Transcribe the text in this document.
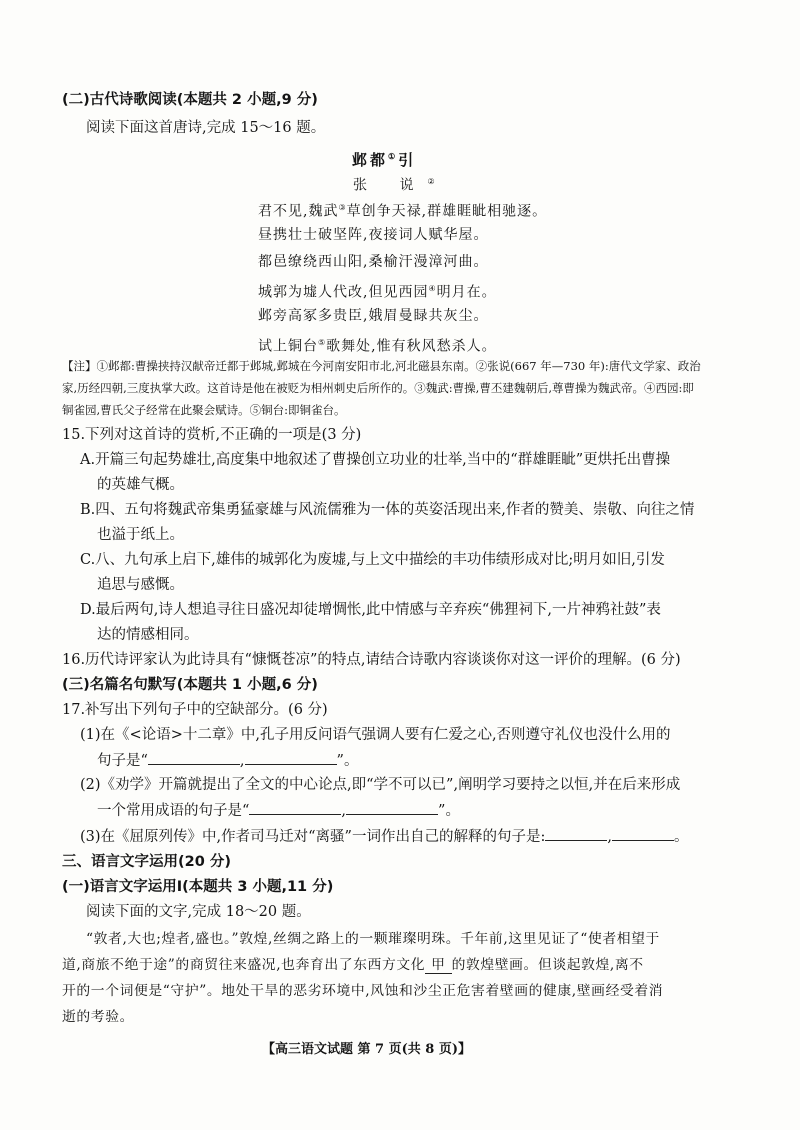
(二)古代诗歌阅读(本题共 2 小题,9 分)
阅读下面这首唐诗,完成 15～16 题。
邺都①引
张 说②
君不见,魏武③草创争天禄,群雄睚眦相驰逐。
昼携壮士破坚阵,夜接词人赋华屋。
都邑缭绕西山阳,桑榆汗漫漳河曲。
城郭为墟人代改,但见西园④明月在。
邺旁高冢多贵臣,娥眉曼睩共灰尘。
试上铜台⑤歌舞处,惟有秋风愁杀人。
【注】①邺都:曹操挟持汉献帝迁都于邺城,邺城在今河南安阳市北,河北磁县东南。②张说(667 年—730 年):唐代文学家、政治
家,历经四朝,三度执掌大政。这首诗是他在被贬为相州刺史后所作的。③魏武:曹操,曹丕建魏朝后,尊曹操为魏武帝。④西园:即
铜雀园,曹氏父子经常在此聚会赋诗。⑤铜台:即铜雀台。
15.下列对这首诗的赏析,不正确的一项是(3 分)
A.开篇三句起势雄壮,高度集中地叙述了曹操创立功业的壮举,当中的“群雄睚眦”更烘托出曹操
的英雄气概。
B.四、五句将魏武帝集勇猛豪雄与风流儒雅为一体的英姿活现出来,作者的赞美、崇敬、向往之情
也溢于纸上。
C.八、九句承上启下,雄伟的城郭化为废墟,与上文中描绘的丰功伟绩形成对比;明月如旧,引发
追思与感慨。
D.最后两句,诗人想追寻往日盛况却徒增惆怅,此中情感与辛弃疾“佛狸祠下,一片神鸦社鼓”表
达的情感相同。
16.历代诗评家认为此诗具有“慷慨苍凉”的特点,请结合诗歌内容谈谈你对这一评价的理解。(6 分)
(三)名篇名句默写(本题共 1 小题,6 分)
17.补写出下列句子中的空缺部分。(6 分)
(1)在《<论语>十二章》中,孔子用反问语气强调人要有仁爱之心,否则遵守礼仪也没什么用的
句子是“	,	”。
(2)《劝学》开篇就提出了全文的中心论点,即“学不可以已”,阐明学习要持之以恒,并在后来形成
一个常用成语的句子是“	,	”。
(3)在《屈原列传》中,作者司马迁对“离骚”一词作出自己的解释的句子是:	,	。
三、语言文字运用(20 分)
(一)语言文字运用Ⅰ(本题共 3 小题,11 分)
阅读下面的文字,完成 18～20 题。
“敦者,大也;煌者,盛也。”敦煌,丝绸之路上的一颗璀璨明珠。千年前,这里见证了“使者相望于
道,商旅不绝于途”的商贸往来盛况,也奔育出了东西方文化 甲 的敦煌壁画。但谈起敦煌,离不
开的一个词便是“守护”。地处干旱的恶劣环境中,风蚀和沙尘正危害着壁画的健康,壁画经受着消
逝的考验。
【高三语文试题 第 7 页(共 8 页)】
